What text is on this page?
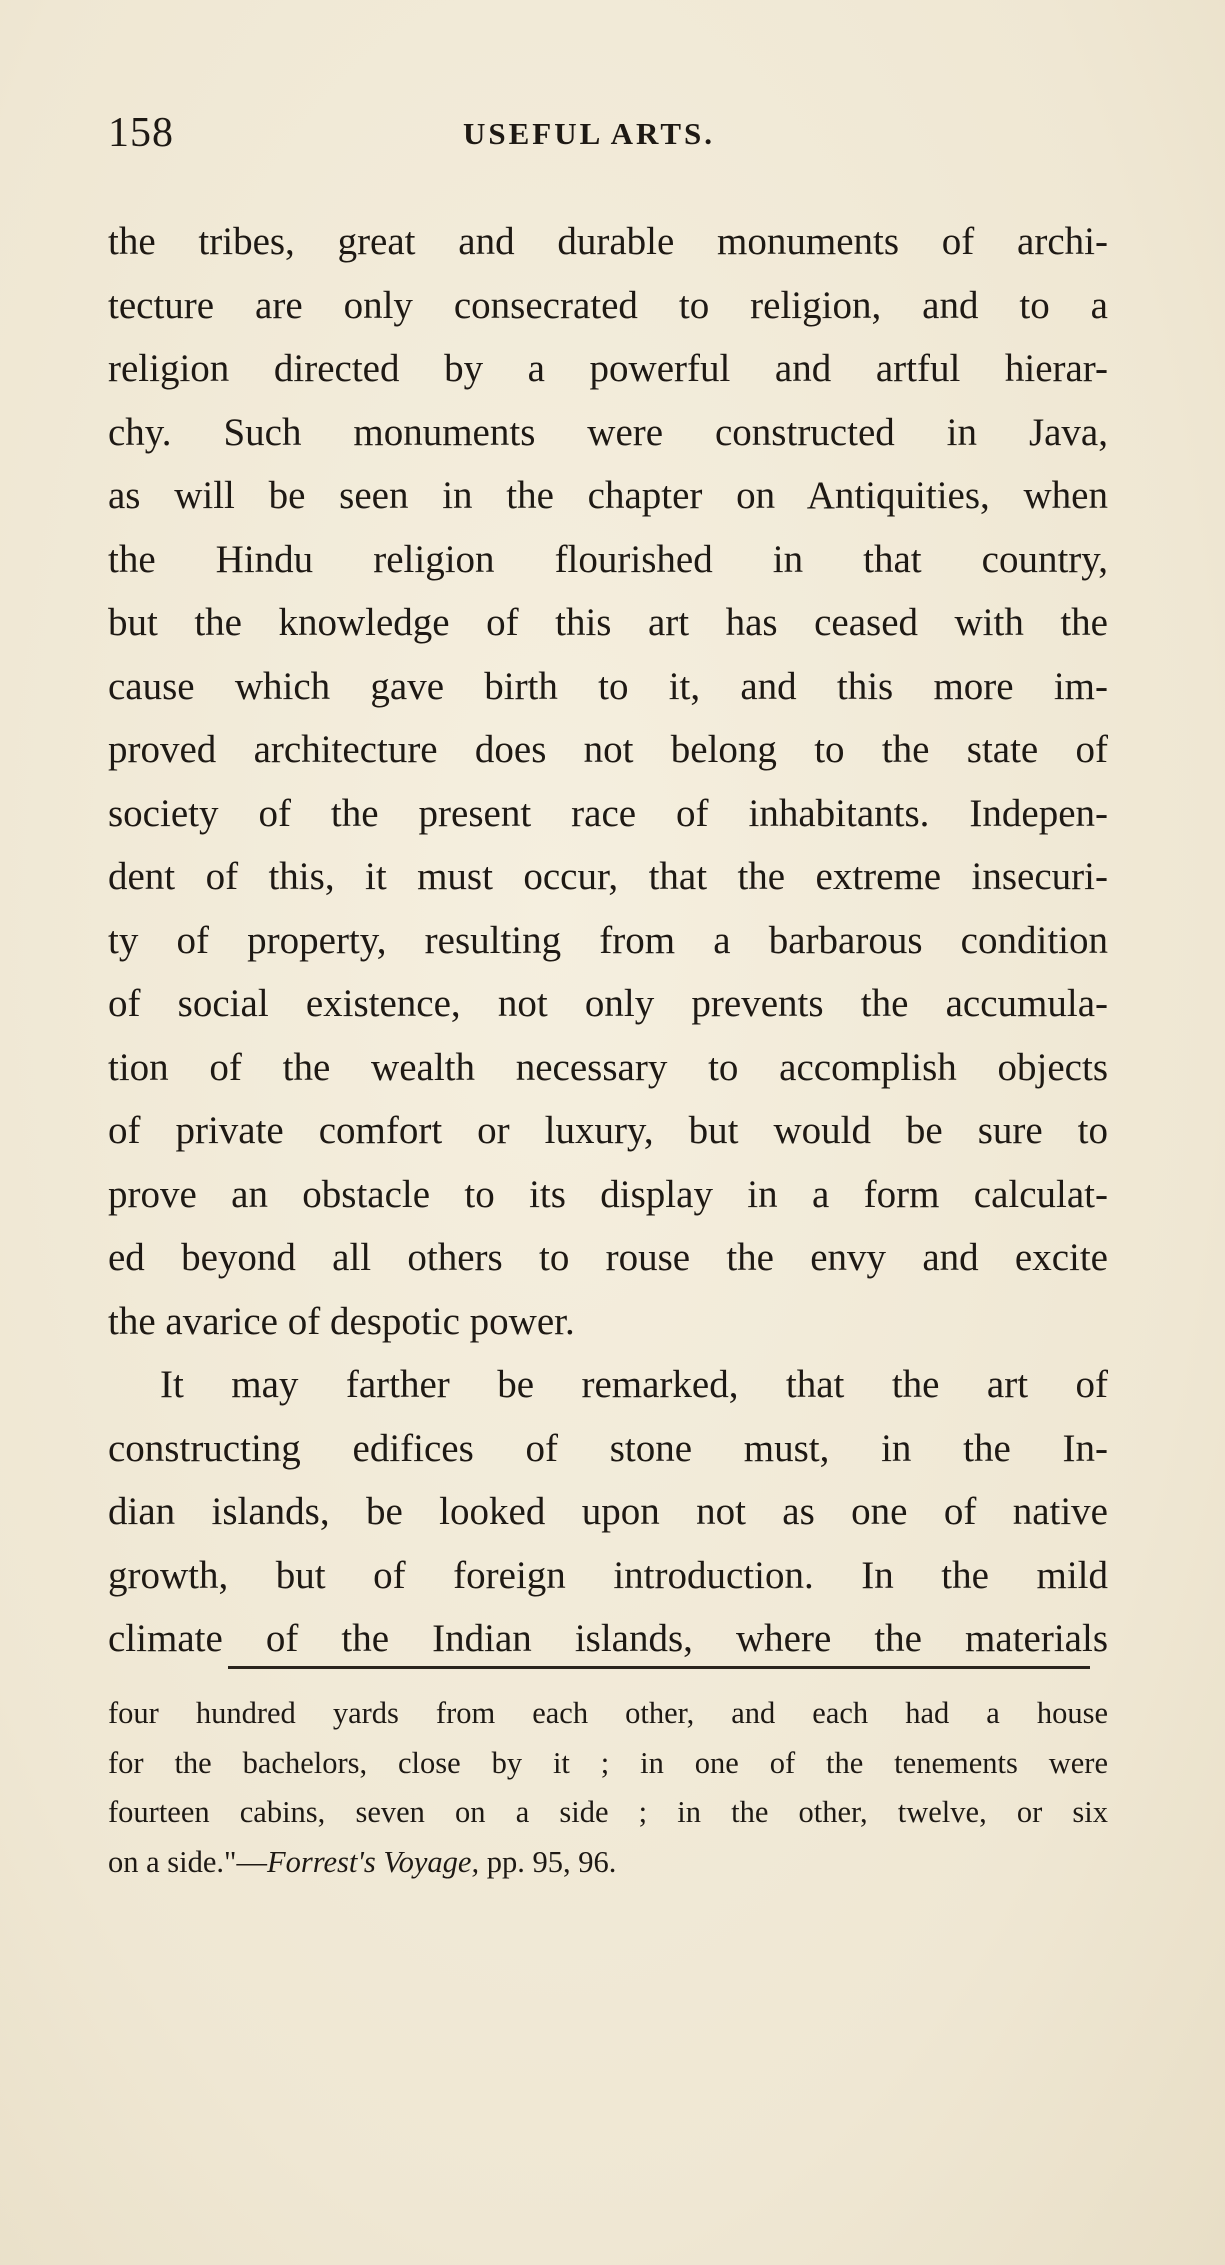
158	USEFUL ARTS.
the tribes, great and durable monuments of archi-
tecture are only consecrated to religion, and to a
religion directed by a powerful and artful hierar-
chy. Such monuments were constructed in Java,
as will be seen in the chapter on Antiquities, when
the Hindu religion flourished in that country,
but the knowledge of this art has ceased with the
cause which gave birth to it, and this more im-
proved architecture does not belong to the state of
society of the present race of inhabitants. Indepen-
dent of this, it must occur, that the extreme insecuri-
ty of property, resulting from a barbarous condition
of social existence, not only prevents the accumula-
tion of the wealth necessary to accomplish objects
of private comfort or luxury, but would be sure to
prove an obstacle to its display in a form calculat-
ed beyond all others to rouse the envy and excite
the avarice of despotic power.
It may farther be remarked, that the art of
constructing edifices of stone must, in the In-
dian islands, be looked upon not as one of native
growth, but of foreign introduction. In the mild
climate of the Indian islands, where the materials
four hundred yards from each other, and each had a house
for the bachelors, close by it ; in one of the tenements were
fourteen cabins, seven on a side ; in the other, twelve, or six
on a side."—Forrest's Voyage, pp. 95, 96.
